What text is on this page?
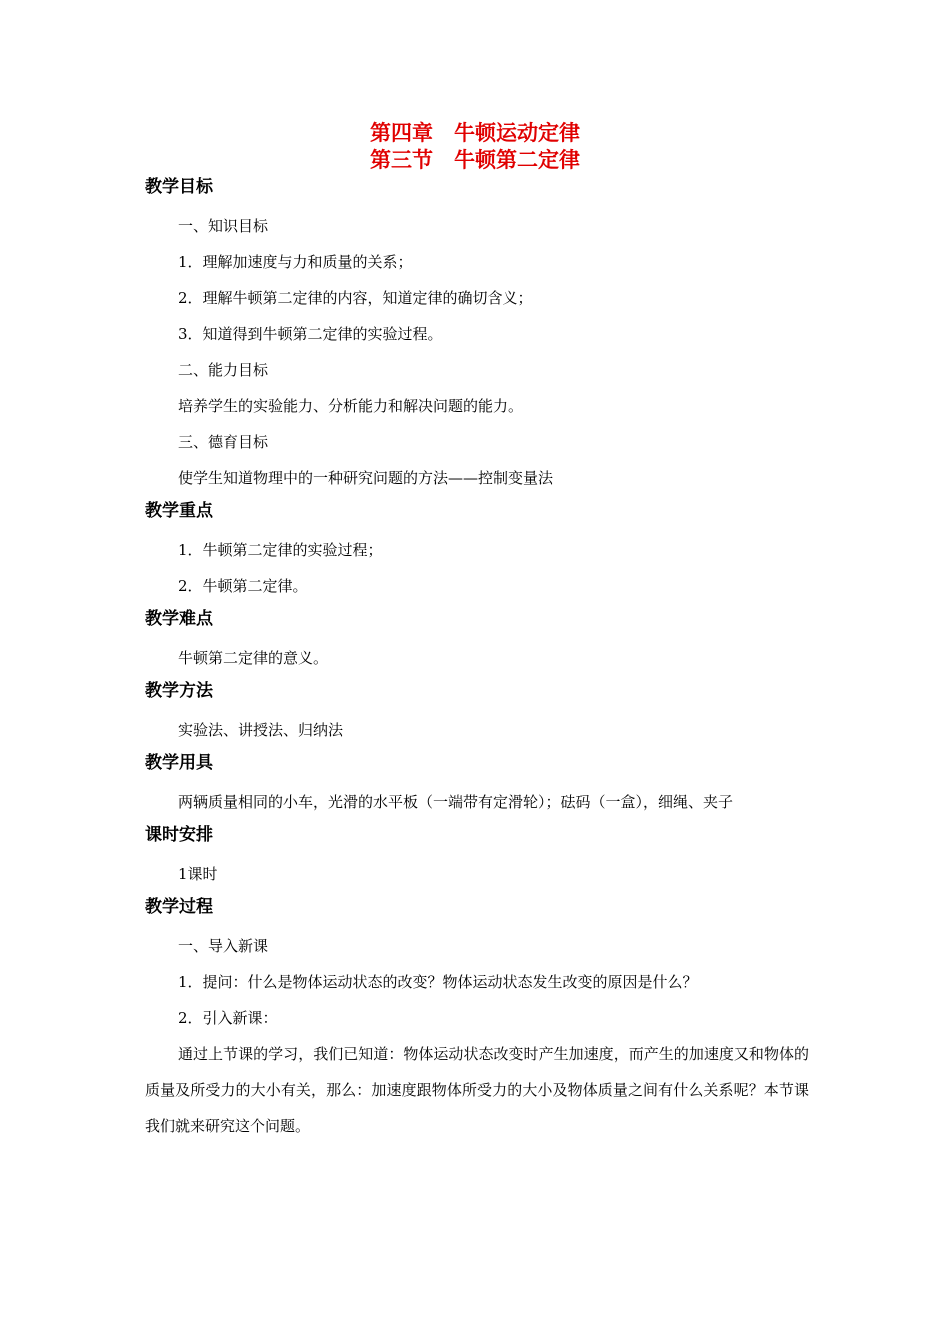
第四章　牛顿运动定律
第三节　牛顿第二定律
教学目标
一、知识目标
1．理解加速度与力和质量的关系；
2．理解牛顿第二定律的内容，知道定律的确切含义；
3．知道得到牛顿第二定律的实验过程。
二、能力目标
培养学生的实验能力、分析能力和解决问题的能力。
三、德育目标
使学生知道物理中的一种研究问题的方法——控制变量法
教学重点
1．牛顿第二定律的实验过程；
2．牛顿第二定律。
教学难点
牛顿第二定律的意义。
教学方法
实验法、讲授法、归纳法
教学用具
两辆质量相同的小车，光滑的水平板（一端带有定滑轮）；砝码（一盒），细绳、夹子
课时安排
1课时
教学过程
一、导入新课
1．提问：什么是物体运动状态的改变？物体运动状态发生改变的原因是什么？
2．引入新课：
通过上节课的学习，我们已知道：物体运动状态改变时产生加速度，而产生的加速度又和物体的质量及所受力的大小有关，那么：加速度跟物体所受力的大小及物体质量之间有什么关系呢？本节课我们就来研究这个问题。
